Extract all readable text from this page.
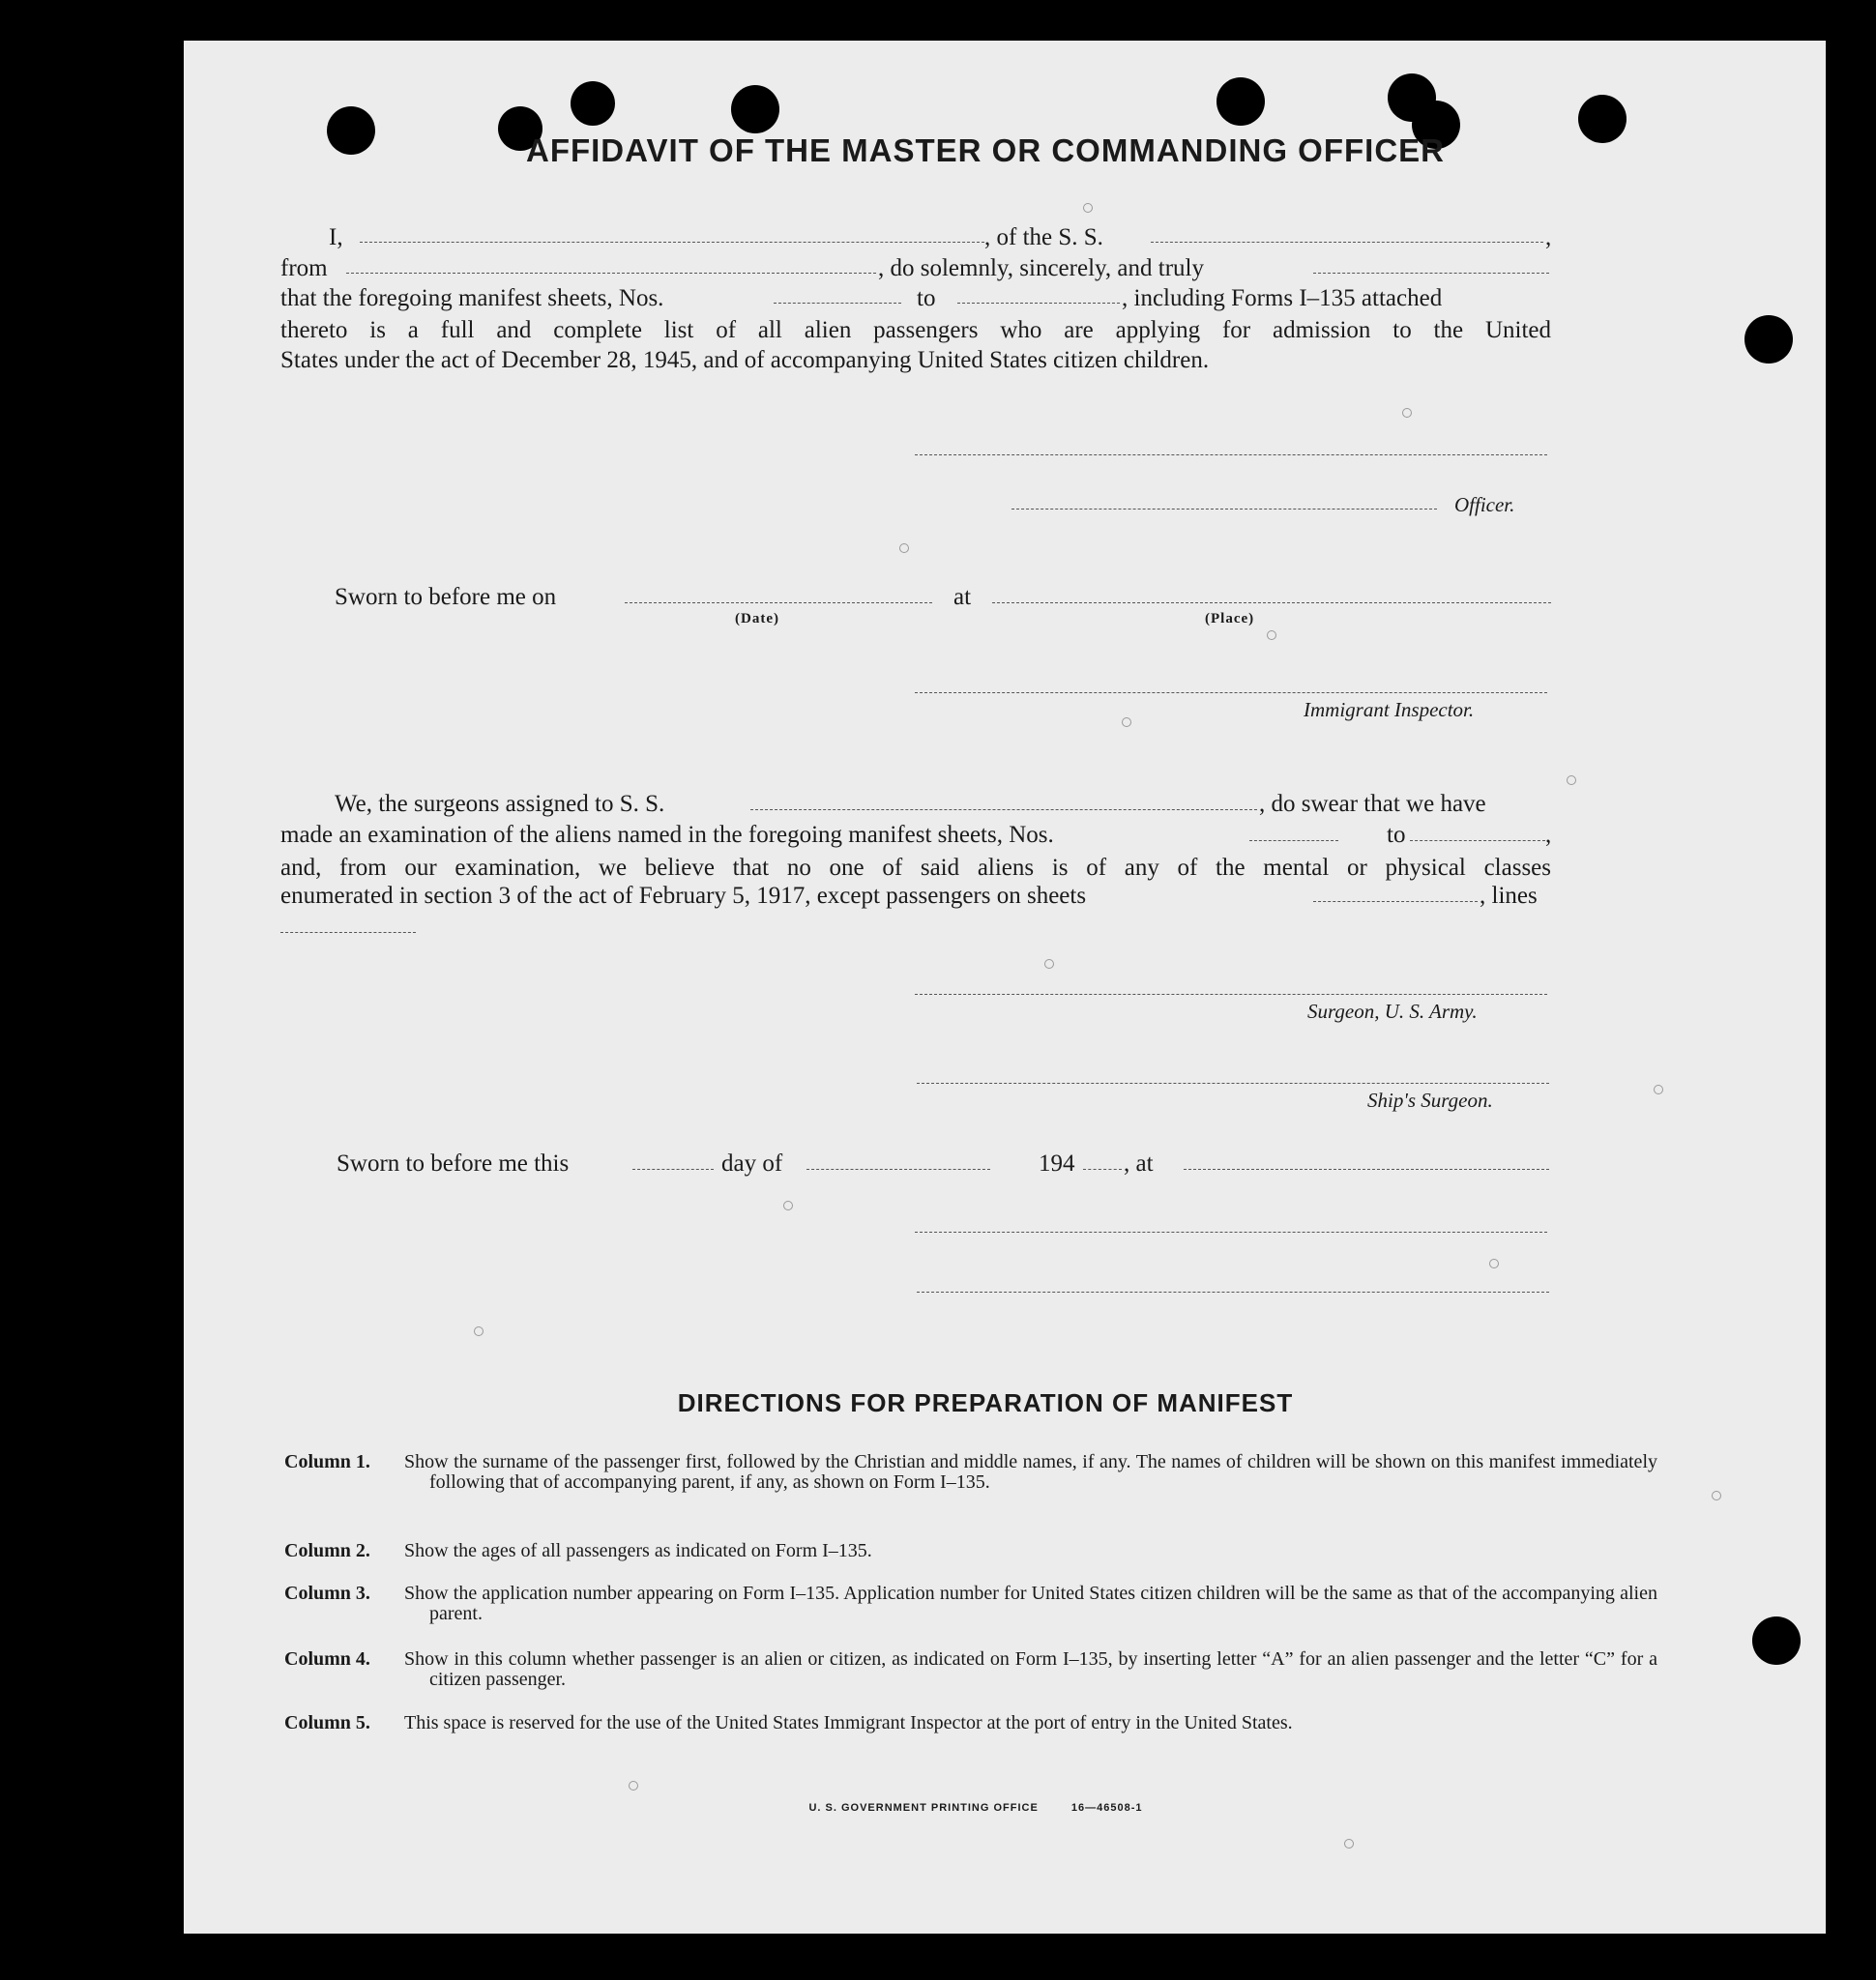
AFFIDAVIT OF THE MASTER OR COMMANDING OFFICER
I,	, of the S. S.	,
from	, do solemnly, sincerely, and truly
that the foregoing manifest sheets, Nos.	to	, including Forms I–135 attached
thereto is a full and complete list of all alien passengers who are applying for admission to the United
States under the act of December 28, 1945, and of accompanying United States citizen children.
Officer.
Sworn to before me on
(Date)
at
(Place)
Immigrant Inspector.
We, the surgeons assigned to S. S.	, do swear that we have
made an examination of the aliens named in the foregoing manifest sheets, Nos.	to	,
and, from our examination, we believe that no one of said aliens is of any of the mental or physical classes
enumerated in section 3 of the act of February 5, 1917, except passengers on sheets	, lines
Surgeon, U. S. Army.
Ship's Surgeon.
Sworn to before me this	day of	194 , at
DIRECTIONS FOR PREPARATION OF MANIFEST
Column 1. Show the surname of the passenger first, followed by the Christian and middle names, if any. The names of children will be shown on this manifest immediately following that of accompanying parent, if any, as shown on Form I–135.
Column 2. Show the ages of all passengers as indicated on Form I–135.
Column 3. Show the application number appearing on Form I–135. Application number for United States citizen children will be the same as that of the accompanying alien parent.
Column 4. Show in this column whether passenger is an alien or citizen, as indicated on Form I–135, by inserting letter “A” for an alien passenger and the letter “C” for a citizen passenger.
Column 5. This space is reserved for the use of the United States Immigrant Inspector at the port of entry in the United States.
U. S. GOVERNMENT PRINTING OFFICE	16—46508-1
